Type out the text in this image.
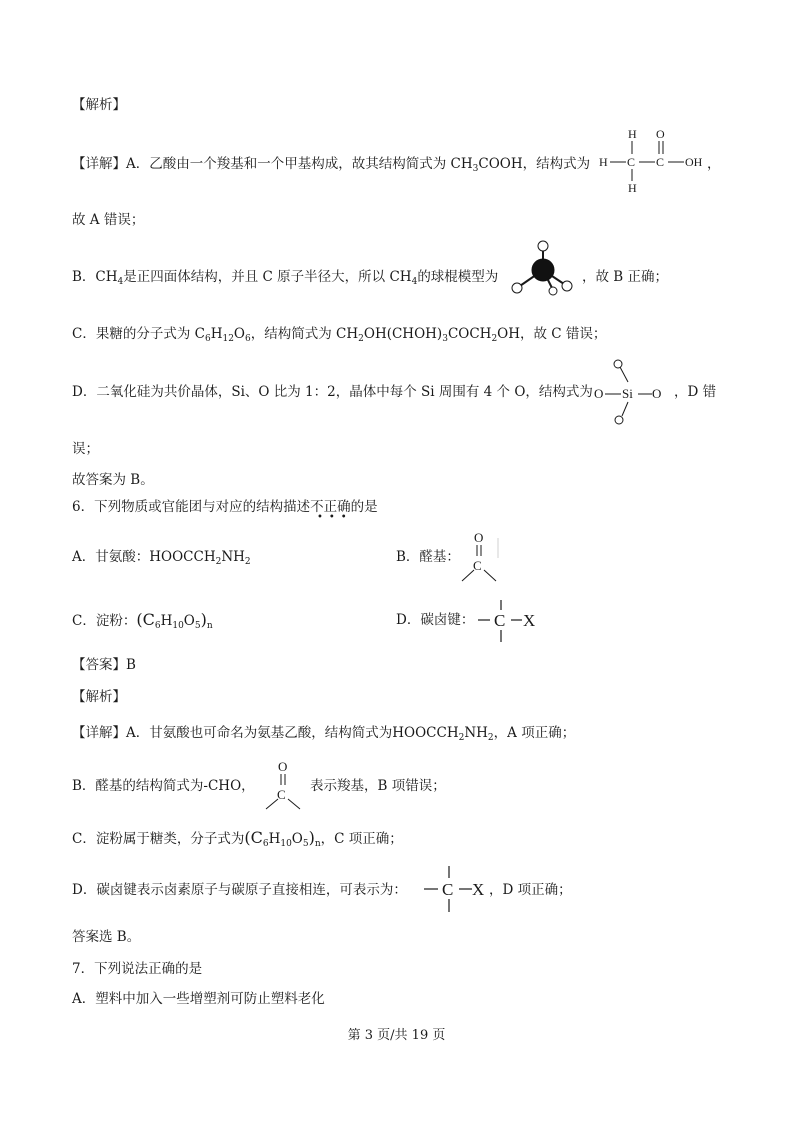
【解析】
【详解】A．乙酸由一个羧基和一个甲基构成，故其结构简式为 $CH_3COOH$，结构式为 H C
H
H
C
O
OH ，
故 A 错误；
B．$CH_4$是正四面体结构，并且 C 原子半径大，所以 $CH_4$的球棍模型为	，故 B 正确；
C．果糖的分子式为 $C_6H_{12}O_6$，结构简式为 $CH_2OH(CHOH)_3COCH_2OH$，故 C 错误；
D．二氧化硅为共价晶体，Si、O 比为 1：2，晶体中每个 Si 周围有 4 个 O，结构式为 O Si O ，D 错
误；
故答案为 B。
6．下列物质或官能团与对应的结构描述不正确的是
•••
A．甘氨酸：$HOOCCH_2NH_2$	B．醛基：
O
C
C．淀粉：$(C_6H_{10}O_5)_n$	D．碳卤键： C X
【答案】B
【解析】
【详解】A．甘氨酸也可命名为氨基乙酸，结构简式为$HOOCCH_2NH_2$，A 项正确；
B．醛基的结构简式为-CHO，
O
C
表示羧基，B 项错误；
C．淀粉属于糖类，分子式为$(C_6H_{10}O_5)_n$，C 项正确；
D．碳卤键表示卤素原子与碳原子直接相连，可表示为： C X ，D 项正确；
答案选 B。
7．下列说法正确的是
A．塑料中加入一些增塑剂可防止塑料老化
第 3 页/共 19 页
